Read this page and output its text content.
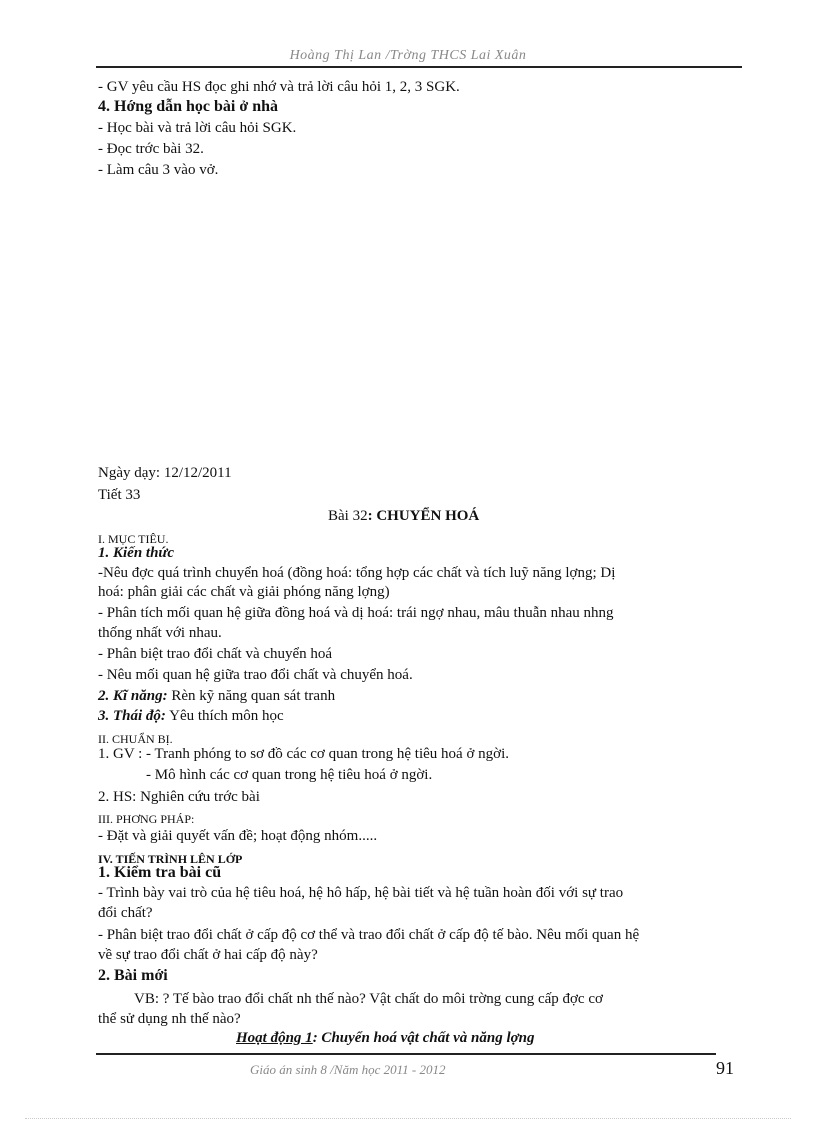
Hoàng Thị Lan /Trờng THCS Lai Xuân
- GV yêu cầu HS đọc ghi nhớ và trả lời câu hỏi 1, 2, 3 SGK.
4. Hớng dẫn học bài ở nhà
- Học bài và trả lời câu hỏi SGK.
- Đọc trớc bài 32.
- Làm câu 3 vào vở.
Ngày dạy: 12/12/2011
Tiết 33
Bài 32: CHUYỂN HOÁ
I. MỤC TIÊU.
1. Kiến thức
-Nêu đợc quá trình chuyển hoá (đồng hoá: tổng hợp các chất và tích luỹ năng lợng; Dị
hoá: phân giải các chất và giải phóng năng lợng)
- Phân tích mối quan hệ giữa đồng hoá và dị hoá: trái ngợ nhau, mâu thuẫn nhau nhng
thống nhất với nhau.
- Phân biệt trao đổi chất và chuyển hoá
- Nêu mối quan hệ giữa trao đổi chất và chuyển hoá.
2. Kĩ năng: Rèn kỹ năng quan sát tranh
3. Thái độ: Yêu thích môn học
II. CHUẨN BỊ.
1. GV : - Tranh phóng to sơ đồ các cơ quan trong hệ tiêu hoá ở ngời.
- Mô hình các cơ quan trong hệ tiêu hoá ở ngời.
2. HS: Nghiên cứu trớc bài
III. PHƠNG PHÁP:
- Đặt và giải quyết vấn đề; hoạt động nhóm.....
IV. TIẾN TRÌNH LÊN LỚP
1. Kiểm tra bài cũ
- Trình bày vai trò của hệ tiêu hoá, hệ hô hấp, hệ bài tiết và hệ tuần hoàn đối với sự trao
đổi chất?
- Phân biệt trao đổi chất ở cấp độ cơ thể và trao đổi chất ở cấp độ tế bào. Nêu mối quan hệ
về sự trao đổi chất ở hai cấp độ này?
2. Bài mới
VB: ? Tế bào trao đổi chất nh thế nào? Vật chất do môi trờng cung cấp đợc cơ
thể sử dụng nh thế nào?
Hoạt động 1: Chuyển hoá vật chất và năng lợng
Giáo án sinh 8 /Năm học 2011 - 2012	91
